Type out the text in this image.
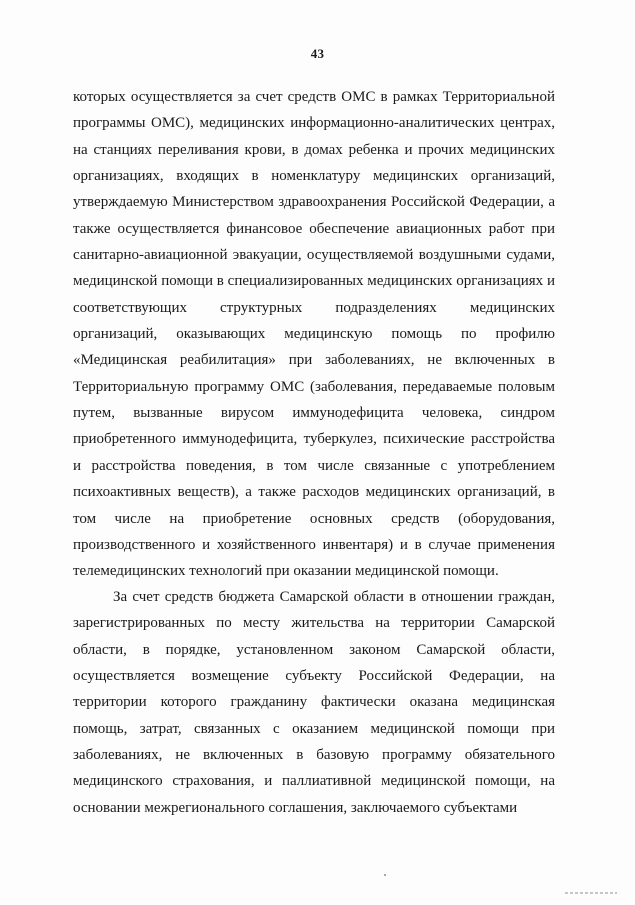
43

которых осуществляется за счет средств ОМС в рамках Территориальной программы ОМС), медицинских информационно-аналитических центрах, на станциях переливания крови, в домах ребенка и прочих медицинских организациях, входящих в номенклатуру медицинских организаций, утверждаемую Министерством здравоохранения Российской Федерации, а также осуществляется финансовое обеспечение авиационных работ при санитарно-авиационной эвакуации, осуществляемой воздушными судами, медицинской помощи в специализированных медицинских организациях и соответствующих структурных подразделениях медицинских организаций, оказывающих медицинскую помощь по профилю «Медицинская реабилитация» при заболеваниях, не включенных в Территориальную программу ОМС (заболевания, передаваемые половым путем, вызванные вирусом иммунодефицита человека, синдром приобретенного иммунодефицита, туберкулез, психические расстройства и расстройства поведения, в том числе связанные с употреблением психоактивных веществ), а также расходов медицинских организаций, в том числе на приобретение основных средств (оборудования, производственного и хозяйственного инвентаря) и в случае применения телемедицинских технологий при оказании медицинской помощи.

За счет средств бюджета Самарской области в отношении граждан, зарегистрированных по месту жительства на территории Самарской области, в порядке, установленном законом Самарской области, осуществляется возмещение субъекту Российской Федерации, на территории которого гражданину фактически оказана медицинская помощь, затрат, связанных с оказанием медицинской помощи при заболеваниях, не включенных в базовую программу обязательного медицинского страхования, и паллиативной медицинской помощи, на основании межрегионального соглашения, заключаемого субъектами
